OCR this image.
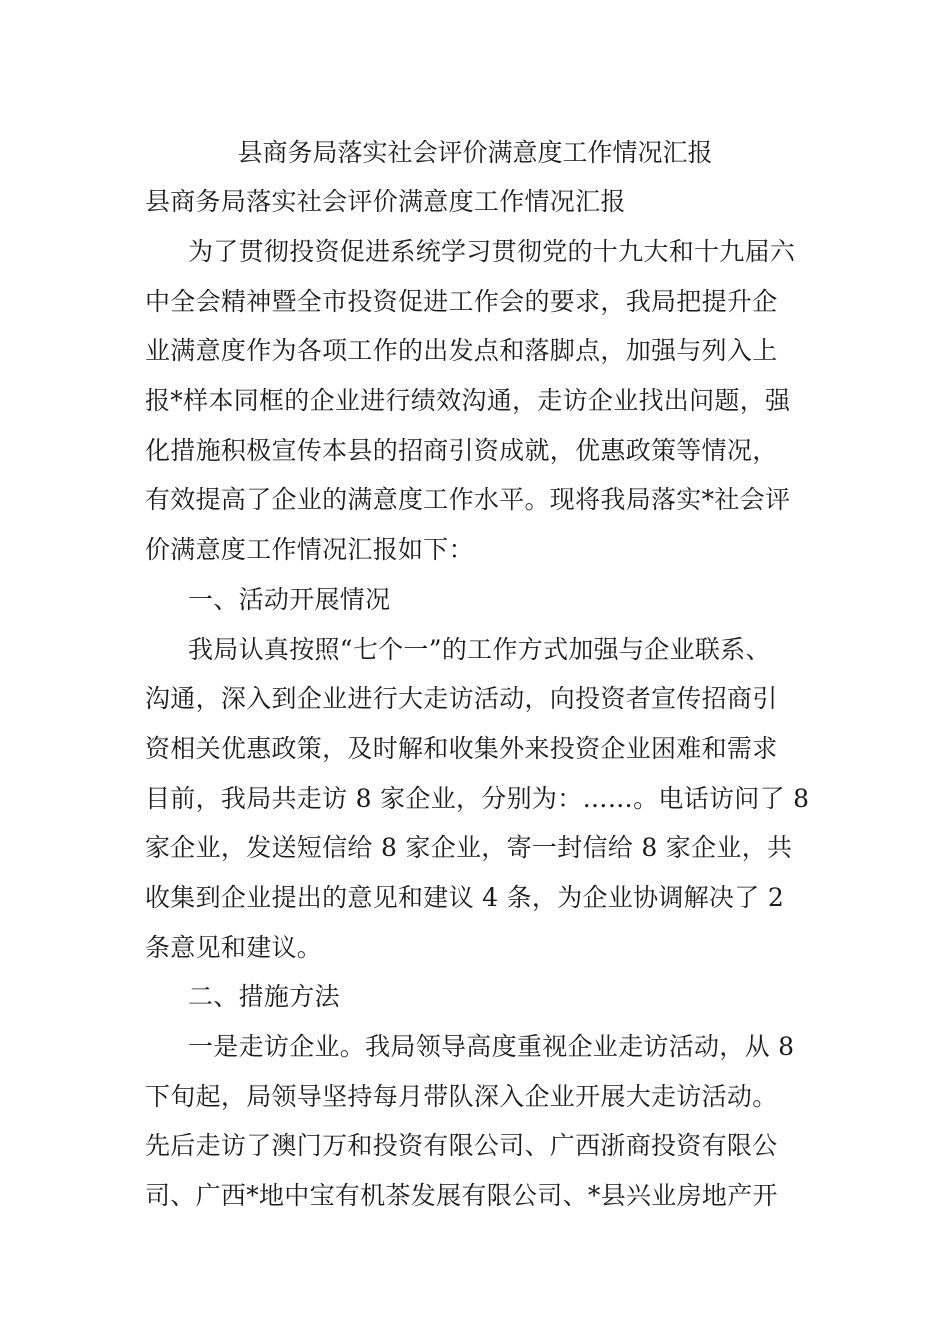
县商务局落实社会评价满意度工作情况汇报
县商务局落实社会评价满意度工作情况汇报
为了贯彻投资促进系统学习贯彻党的十九大和十九届六
中全会精神暨全市投资促进工作会的要求，我局把提升企
业满意度作为各项工作的出发点和落脚点，加强与列入上
报*样本同框的企业进行绩效沟通，走访企业找出问题，强
化措施积极宣传本县的招商引资成就，优惠政策等情况，
有效提高了企业的满意度工作水平。现将我局落实*社会评
价满意度工作情况汇报如下：
一、活动开展情况
我局认真按照“七个一”的工作方式加强与企业联系、
沟通，深入到企业进行大走访活动，向投资者宣传招商引
资相关优惠政策，及时解和收集外来投资企业困难和需求
目前，我局共走访 8 家企业，分别为：……。电话访问了 8
家企业，发送短信给 8 家企业，寄一封信给 8 家企业，共
收集到企业提出的意见和建议 4 条，为企业协调解决了 2
条意见和建议。
二、措施方法
一是走访企业。我局领导高度重视企业走访活动，从 8
下旬起，局领导坚持每月带队深入企业开展大走访活动。
先后走访了澳门万和投资有限公司、广西浙商投资有限公
司、广西*地中宝有机茶发展有限公司、*县兴业房地产开
